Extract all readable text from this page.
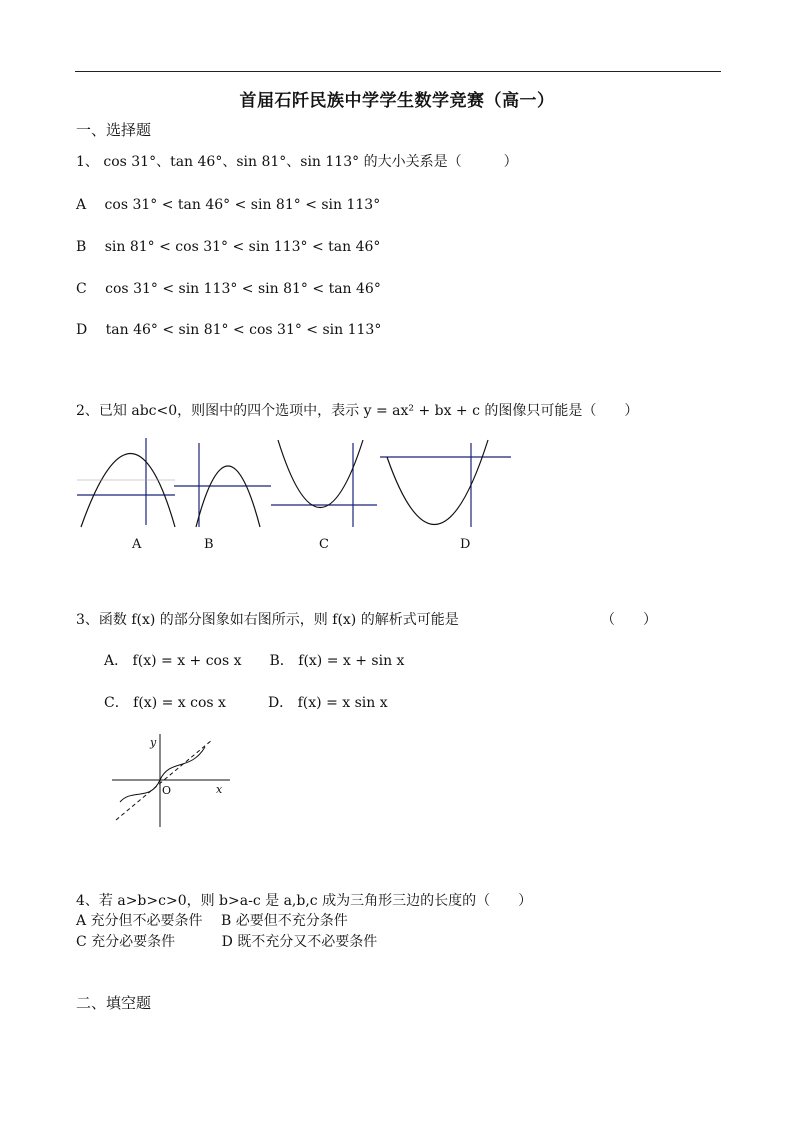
首届石阡民族中学学生数学竞赛（高一）
一、选择题
1、 cos 31°、tan 46°、sin 81°、sin 113° 的大小关系是（　　　）
A　 cos 31° < tan 46° < sin 81° < sin 113°
B　 sin 81° < cos 31° < sin 113° < tan 46°
C　 cos 31° < sin 113° < sin 81° < tan 46°
D　 tan 46° < sin 81° < cos 31° < sin 113°
2、已知 abc<0，则图中的四个选项中，表示 y = ax² + bx + c 的图像只可能是（　　）
A	B	C	D
3、函数 f(x) 的部分图象如右图所示，则 f(x) 的解析式可能是	（　　）
A． f(x) = x + cos x　　B． f(x) = x + sin x
C． f(x) = x cos x　　　D． f(x) = x sin x
y
x
O
4、若 a>b>c>0，则 b>a-c 是 a,b,c 成为三角形三边的长度的（　　）
A 充分但不必要条件　 B 必要但不充分条件
C 充分必要条件　　　 D 既不充分又不必要条件
二、填空题
